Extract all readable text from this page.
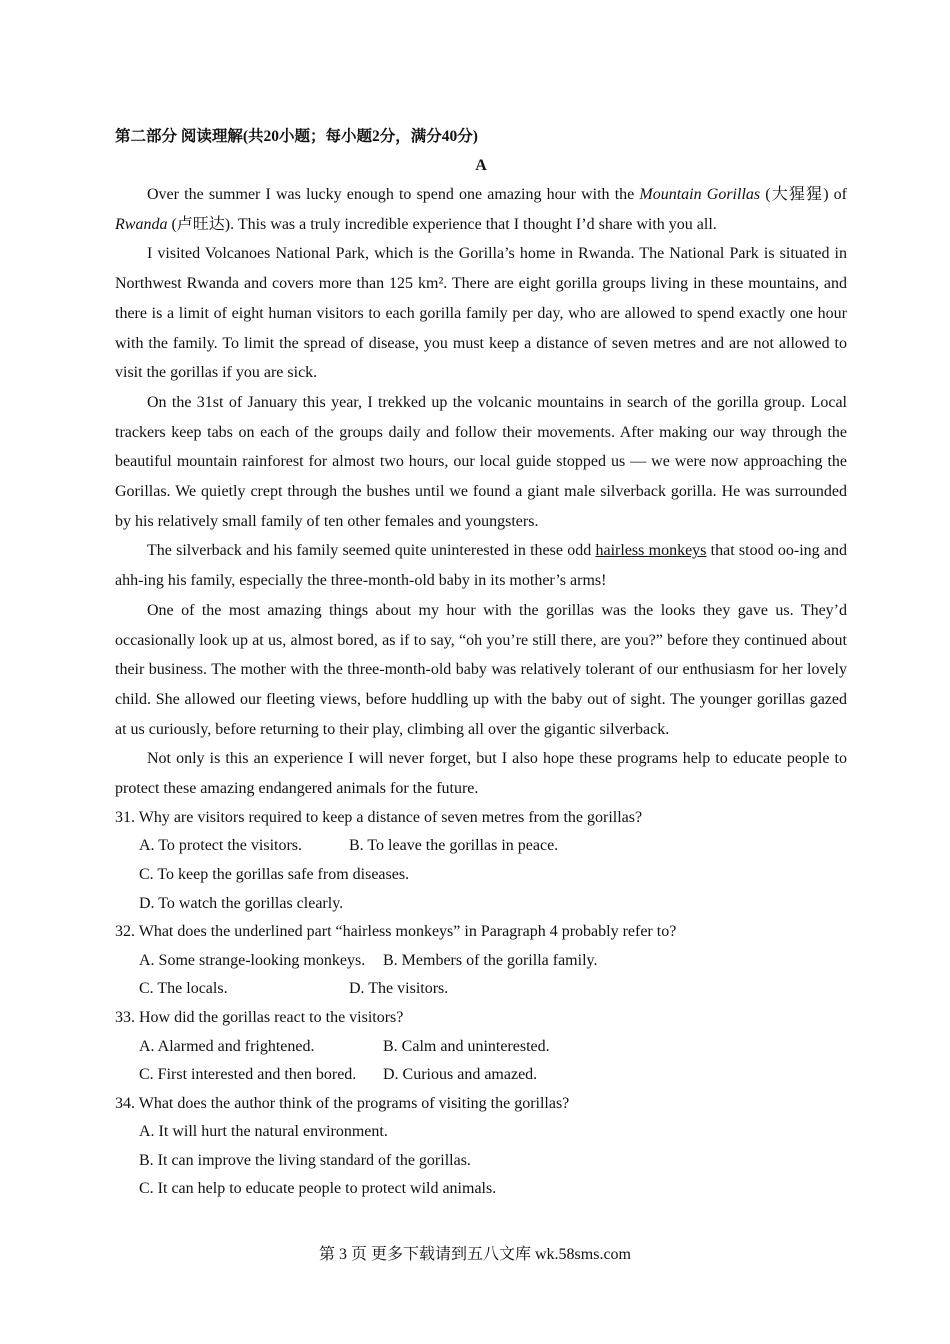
第二部分 阅读理解(共20小题；每小题2分，满分40分)

A

Over the summer I was lucky enough to spend one amazing hour with the Mountain Gorillas (大猩猩) of Rwanda (卢旺达). This was a truly incredible experience that I thought I’d share with you all.

I visited Volcanoes National Park, which is the Gorilla’s home in Rwanda. The National Park is situated in Northwest Rwanda and covers more than 125 km². There are eight gorilla groups living in these mountains, and there is a limit of eight human visitors to each gorilla family per day, who are allowed to spend exactly one hour with the family. To limit the spread of disease, you must keep a distance of seven metres and are not allowed to visit the gorillas if you are sick.

On the 31st of January this year, I trekked up the volcanic mountains in search of the gorilla group. Local trackers keep tabs on each of the groups daily and follow their movements. After making our way through the beautiful mountain rainforest for almost two hours, our local guide stopped us — we were now approaching the Gorillas. We quietly crept through the bushes until we found a giant male silverback gorilla. He was surrounded by his relatively small family of ten other females and youngsters.

The silverback and his family seemed quite uninterested in these odd hairless monkeys that stood oo-ing and ahh-ing his family, especially the three-month-old baby in its mother’s arms!

One of the most amazing things about my hour with the gorillas was the looks they gave us. They’d occasionally look up at us, almost bored, as if to say, “oh you’re still there, are you?” before they continued about their business. The mother with the three-month-old baby was relatively tolerant of our enthusiasm for her lovely child. She allowed our fleeting views, before huddling up with the baby out of sight. The younger gorillas gazed at us curiously, before returning to their play, climbing all over the gigantic silverback.

Not only is this an experience I will never forget, but I also hope these programs help to educate people to protect these amazing endangered animals for the future.

31. Why are visitors required to keep a distance of seven metres from the gorillas?

A. To protect the visitors.	B. To leave the gorillas in peace.

C. To keep the gorillas safe from diseases.

D. To watch the gorillas clearly.

32. What does the underlined part “hairless monkeys” in Paragraph 4 probably refer to?

A. Some strange-looking monkeys. B. Members of the gorilla family.

C. The locals.	D. The visitors.

33. How did the gorillas react to the visitors?

A. Alarmed and frightened.	B. Calm and uninterested.

C. First interested and then bored. D. Curious and amazed.

34. What does the author think of the programs of visiting the gorillas?

A. It will hurt the natural environment.

B. It can improve the living standard of the gorillas.

C. It can help to educate people to protect wild animals.

第 3 页 更多下载请到五八文库 wk.58sms.com
